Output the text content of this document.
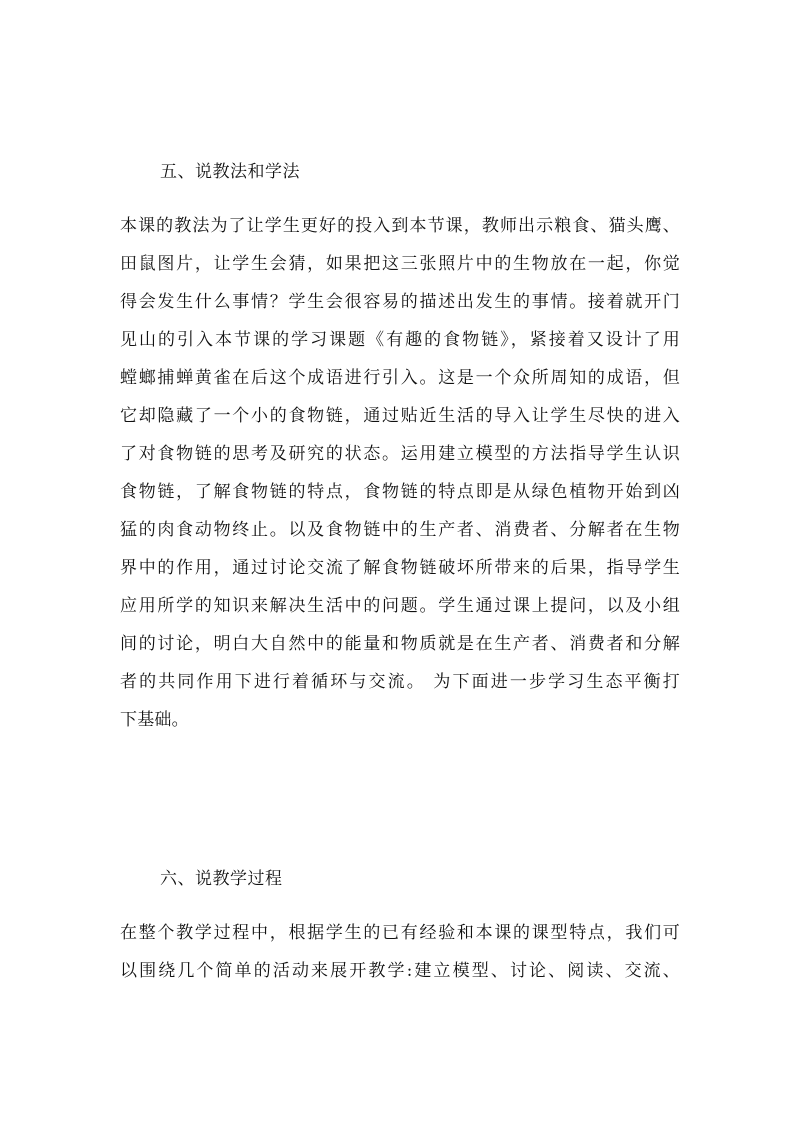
五、说教法和学法
本课的教法为了让学生更好的投入到本节课，教师出示粮食、猫头鹰、
田鼠图片，让学生会猜，如果把这三张照片中的生物放在一起，你觉
得会发生什么事情？学生会很容易的描述出发生的事情。接着就开门
见山的引入本节课的学习课题《有趣的食物链》，紧接着又设计了用
螳螂捕蝉黄雀在后这个成语进行引入。这是一个众所周知的成语，但
它却隐藏了一个小的食物链，通过贴近生活的导入让学生尽快的进入
了对食物链的思考及研究的状态。运用建立模型的方法指导学生认识
食物链，了解食物链的特点，食物链的特点即是从绿色植物开始到凶
猛的肉食动物终止。以及食物链中的生产者、消费者、分解者在生物
界中的作用，通过讨论交流了解食物链破坏所带来的后果，指导学生
应用所学的知识来解决生活中的问题。学生通过课上提问，以及小组
间的讨论，明白大自然中的能量和物质就是在生产者、消费者和分解
者的共同作用下进行着循环与交流。 为下面进一步学习生态平衡打
下基础。
六、说教学过程
在整个教学过程中，根据学生的已有经验和本课的课型特点，我们可
以围绕几个简单的活动来展开教学:建立模型、讨论、阅读、交流、
